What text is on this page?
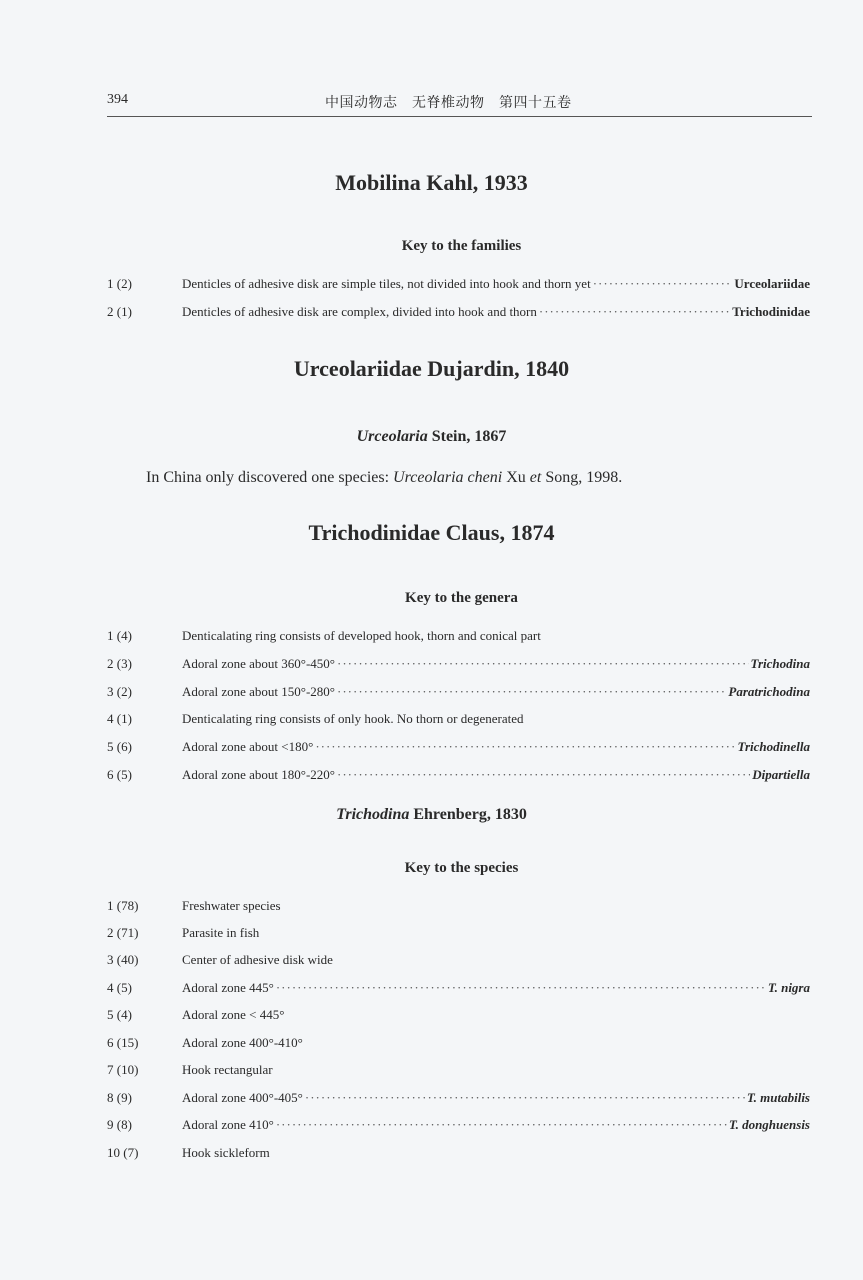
394	中国动物志　无脊椎动物　第四十五卷
Mobilina Kahl, 1933
Key to the families
1 (2)	Denticles of adhesive disk are simple tiles, not divided into hook and thorn yet ·····	Urceolariidae
2 (1)	Denticles of adhesive disk are complex, divided into hook and thorn ·····	Trichodinidae
Urceolariidae Dujardin, 1840
Urceolaria Stein, 1867
In China only discovered one species: Urceolaria cheni Xu et Song, 1998.
Trichodinidae Claus, 1874
Key to the genera
1 (4)	Denticalating ring consists of developed hook, thorn and conical part
2 (3)	Adoral zone about 360°-450° ·····	Trichodina
3 (2)	Adoral zone about 150°-280° ·····	Paratrichodina
4 (1)	Denticalating ring consists of only hook. No thorn or degenerated
5 (6)	Adoral zone about <180° ·····	Trichodinella
6 (5)	Adoral zone about 180°-220° ·····	Dipartiella
Trichodina Ehrenberg, 1830
Key to the species
1 (78)	Freshwater species
2 (71)	Parasite in fish
3 (40)	Center of adhesive disk wide
4 (5)	Adoral zone 445° ·····	T. nigra
5 (4)	Adoral zone < 445°
6 (15)	Adoral zone 400°-410°
7 (10)	Hook rectangular
8 (9)	Adoral zone 400°-405° ·····	T. mutabilis
9 (8)	Adoral zone 410° ·····	T. donghuensis
10 (7)	Hook sickleform
